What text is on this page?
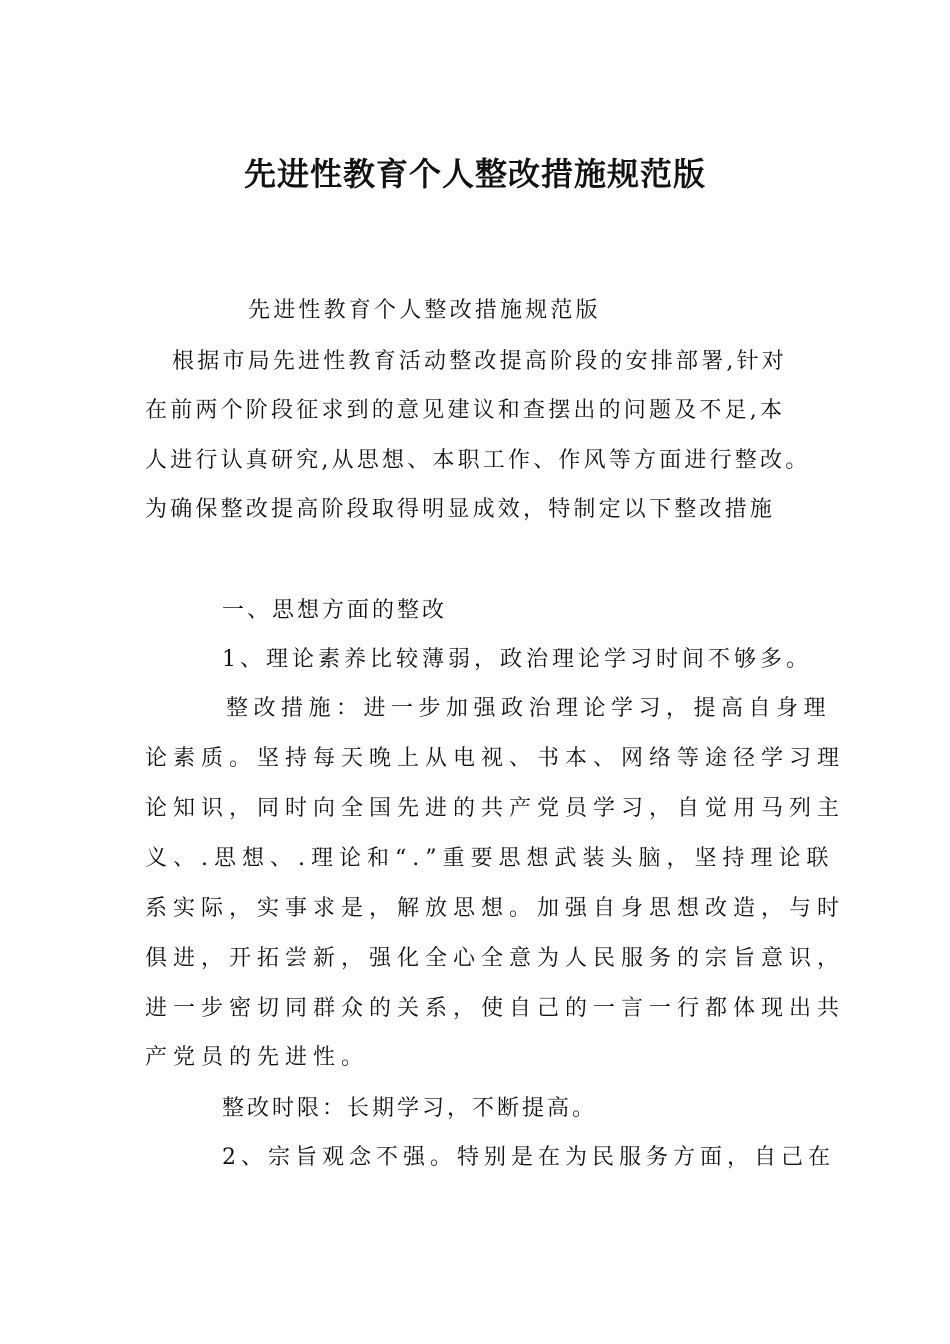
先进性教育个人整改措施规范版
先进性教育个人整改措施规范版
根据市局先进性教育活动整改提高阶段的安排部署,针对
在前两个阶段征求到的意见建议和查摆出的问题及不足,本
人进行认真研究,从思想、本职工作、作风等方面进行整改。
为确保整改提高阶段取得明显成效，特制定以下整改措施
一、思想方面的整改
1、理论素养比较薄弱，政治理论学习时间不够多。
整改措施：进一步加强政治理论学习，提高自身理
论素质。坚持每天晚上从电视、书本、网络等途径学习理
论知识，同时向全国先进的共产党员学习，自觉用马列主
义、.思想、.理论和“.”重要思想武装头脑，坚持理论联
系实际，实事求是，解放思想。加强自身思想改造，与时
俱进，开拓尝新，强化全心全意为人民服务的宗旨意识，
进一步密切同群众的关系，使自己的一言一行都体现出共
产党员的先进性。
整改时限：长期学习，不断提高。
2、宗旨观念不强。特别是在为民服务方面，自己在
